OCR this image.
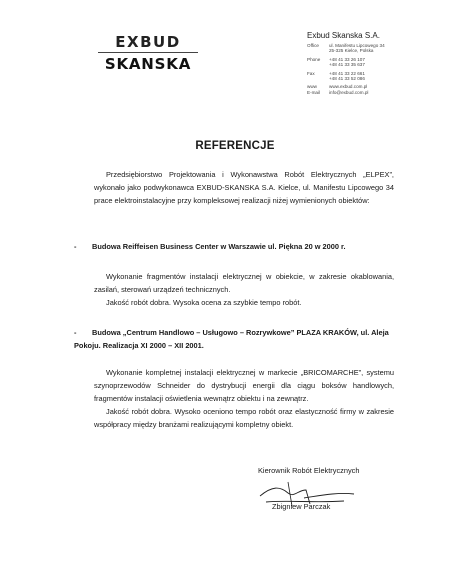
EXBUD
SKANSKA
Exbud Skanska S.A.
Office	ul. Manifestu Lipcowego 34
25-325 Kielce, Polska
Phone	+48 41 33 26 107
+48 41 33 35 637
Fax	+48 41 33 22 661
+48 41 33 52 086
www	www.exbud.com.pl
E-mail	info@exbud.com.pl
REFERENCJE
Przedsiębiorstwo Projektowania i Wykonawstwa Robót Elektrycznych „ELPEX”, wykonało jako podwykonawca EXBUD-SKANSKA S.A. Kielce, ul. Manifestu Lipcowego 34 prace elektroinstalacyjne przy kompleksowej realizacji niżej wymienionych obiektów:
- Budowa Reiffeisen Business Center w Warszawie ul. Piękna 20 w 2000 r.
Wykonanie fragmentów instalacji elektrycznej w obiekcie, w zakresie okablowania, zasilań, sterowań urządzeń technicznych.
Jakość robót dobra. Wysoka ocena za szybkie tempo robót.
- Budowa „Centrum Handlowo – Usługowo – Rozrywkowe” PLAZA KRAKÓW, ul. Aleja Pokoju. Realizacja XI 2000 – XII 2001.
Wykonanie kompletnej instalacji elektrycznej w markecie „BRICOMARCHE”, systemu szynoprzewodów Schneider do dystrybucji energii dla ciągu boksów handlowych, fragmentów instalacji oświetlenia wewnątrz obiektu i na zewnątrz.
Jakość robót dobra. Wysoko oceniono tempo robót oraz elastyczność firmy w zakresie współpracy między branżami realizującymi kompletny obiekt.
Kierownik Robót Elektrycznych
Zbigniew Parczak
